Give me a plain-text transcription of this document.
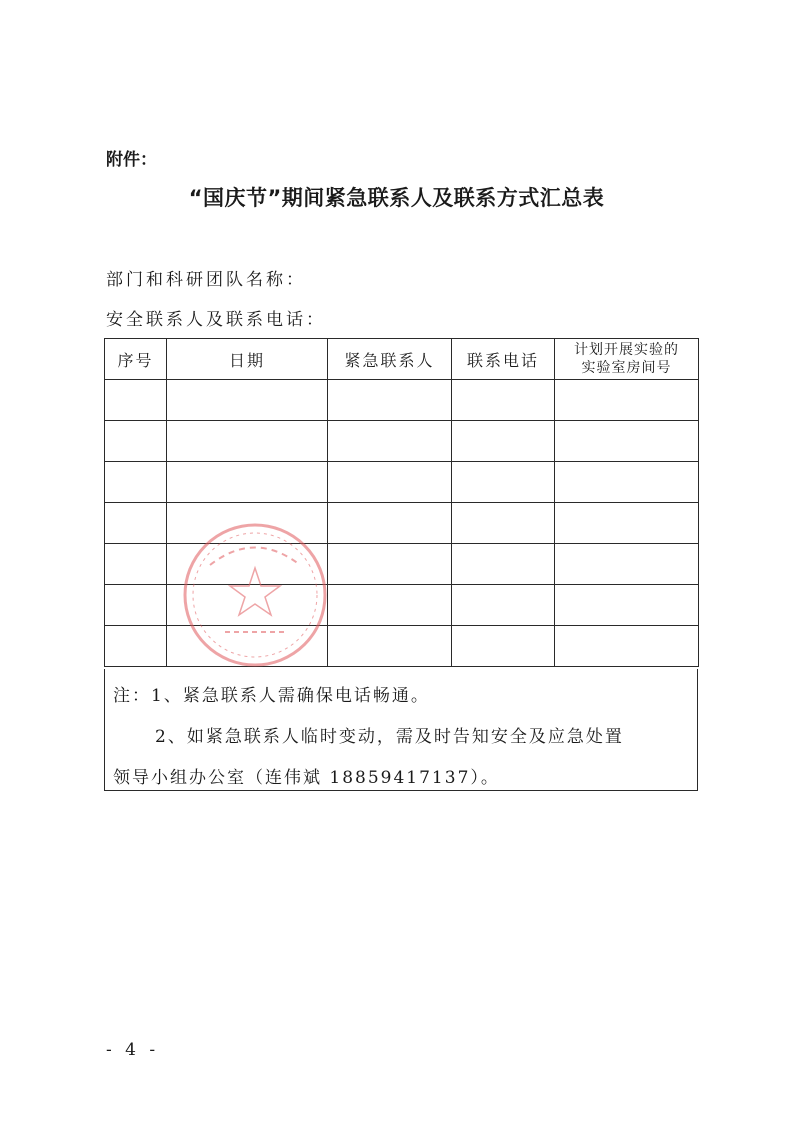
附件：
“国庆节”期间紧急联系人及联系方式汇总表
部门和科研团队名称：
安全联系人及联系电话：
序号	日期	紧急联系人	联系电话	计划开展实验的
实验室房间号

注：1、紧急联系人需确保电话畅通。
2、如紧急联系人临时变动，需及时告知安全及应急处置
领导小组办公室（连伟斌 18859417137）。
- 4 -
